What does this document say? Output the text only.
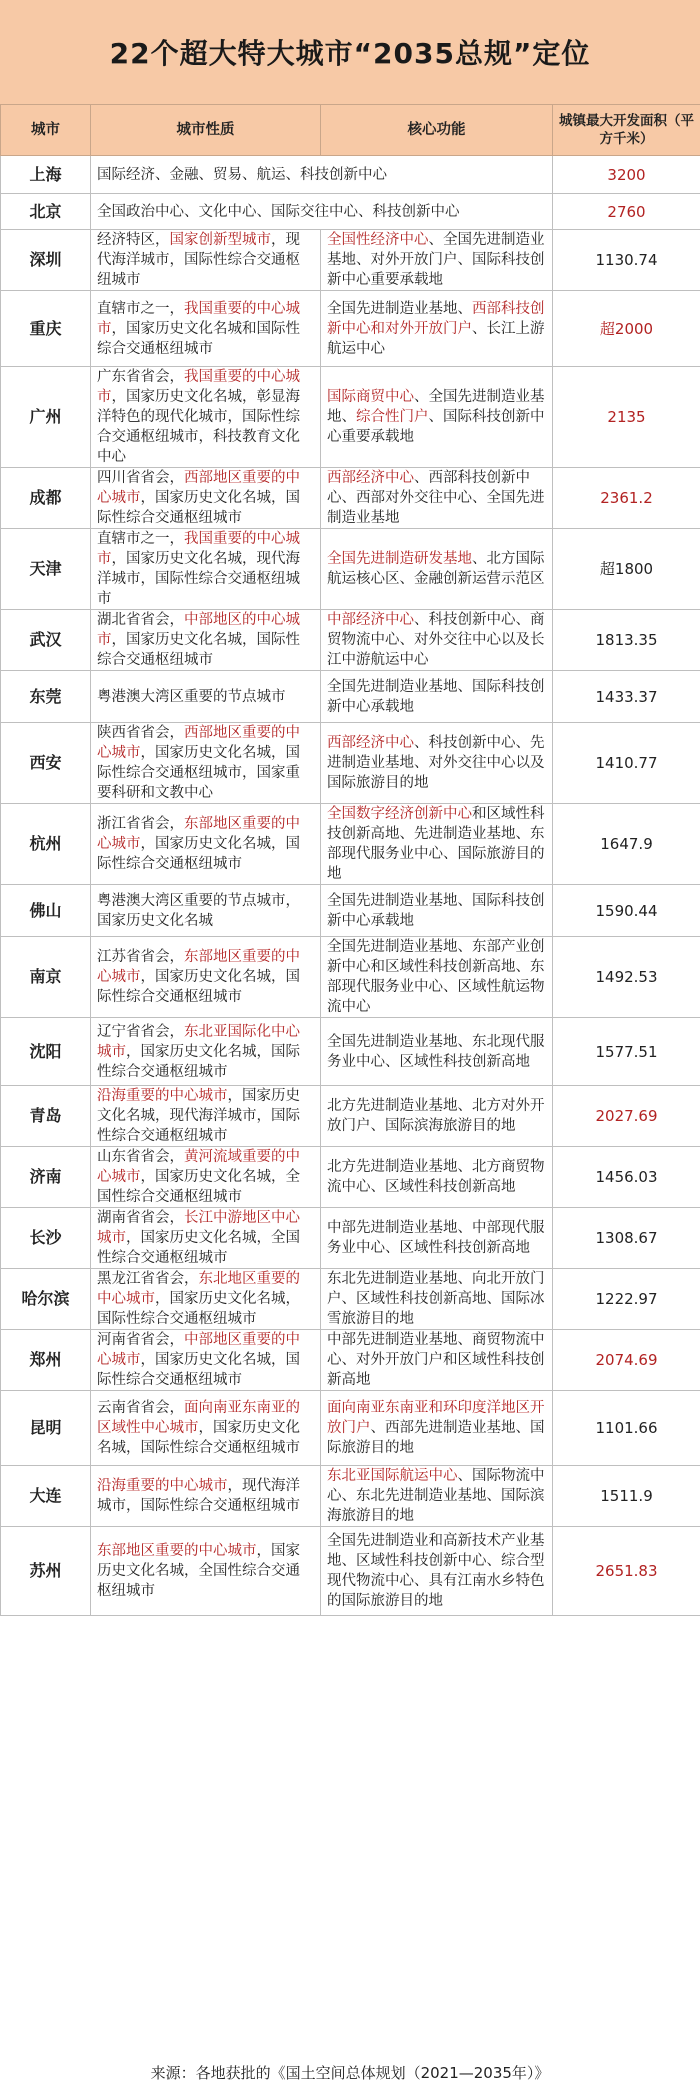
22个超大特大城市“2035总规”定位
城市	城市性质	核心功能	城镇最大开发面积（平方千米）
上海	国际经济、金融、贸易、航运、科技创新中心		3200
北京	全国政治中心、文化中心、国际交往中心、科技创新中心		2760
深圳	经济特区，国家创新型城市，现代海洋城市，国际性综合交通枢纽城市	全国性经济中心、全国先进制造业基地、对外开放门户、国际科技创新中心重要承载地	1130.74
重庆	直辖市之一，我国重要的中心城市，国家历史文化名城和国际性综合交通枢纽城市	全国先进制造业基地、西部科技创新中心和对外开放门户、长江上游航运中心	超2000
广州	广东省省会，我国重要的中心城市，国家历史文化名城，彰显海洋特色的现代化城市，国际性综合交通枢纽城市，科技教育文化中心	国际商贸中心、全国先进制造业基地、综合性门户、国际科技创新中心重要承载地	2135
成都	四川省省会，西部地区重要的中心城市，国家历史文化名城，国际性综合交通枢纽城市	西部经济中心、西部科技创新中心、西部对外交往中心、全国先进制造业基地	2361.2
天津	直辖市之一，我国重要的中心城市，国家历史文化名城，现代海洋城市，国际性综合交通枢纽城市	全国先进制造研发基地、北方国际航运核心区、金融创新运营示范区	超1800
武汉	湖北省省会，中部地区的中心城市，国家历史文化名城，国际性综合交通枢纽城市	中部经济中心、科技创新中心、商贸物流中心、对外交往中心以及长江中游航运中心	1813.35
东莞	粤港澳大湾区重要的节点城市	全国先进制造业基地、国际科技创新中心承载地	1433.37
西安	陕西省省会，西部地区重要的中心城市，国家历史文化名城，国际性综合交通枢纽城市，国家重要科研和文教中心	西部经济中心、科技创新中心、先进制造业基地、对外交往中心以及国际旅游目的地	1410.77
杭州	浙江省省会，东部地区重要的中心城市，国家历史文化名城，国际性综合交通枢纽城市	全国数字经济创新中心和区域性科技创新高地、先进制造业基地、东部现代服务业中心、国际旅游目的地	1647.9
佛山	粤港澳大湾区重要的节点城市，国家历史文化名城	全国先进制造业基地、国际科技创新中心承载地	1590.44
南京	江苏省省会，东部地区重要的中心城市，国家历史文化名城，国际性综合交通枢纽城市	全国先进制造业基地、东部产业创新中心和区域性科技创新高地、东部现代服务业中心、区域性航运物流中心	1492.53
沈阳	辽宁省省会，东北亚国际化中心城市，国家历史文化名城，国际性综合交通枢纽城市	全国先进制造业基地、东北现代服务业中心、区域性科技创新高地	1577.51
青岛	沿海重要的中心城市，国家历史文化名城，现代海洋城市，国际性综合交通枢纽城市	北方先进制造业基地、北方对外开放门户、国际滨海旅游目的地	2027.69
济南	山东省省会，黄河流域重要的中心城市，国家历史文化名城，全国性综合交通枢纽城市	北方先进制造业基地、北方商贸物流中心、区域性科技创新高地	1456.03
长沙	湖南省省会，长江中游地区中心城市，国家历史文化名城，全国性综合交通枢纽城市	中部先进制造业基地、中部现代服务业中心、区域性科技创新高地	1308.67
哈尔滨	黑龙江省省会，东北地区重要的中心城市，国家历史文化名城，国际性综合交通枢纽城市	东北先进制造业基地、向北开放门户、区域性科技创新高地、国际冰雪旅游目的地	1222.97
郑州	河南省省会，中部地区重要的中心城市，国家历史文化名城，国际性综合交通枢纽城市	中部先进制造业基地、商贸物流中心、对外开放门户和区域性科技创新高地	2074.69
昆明	云南省省会，面向南亚东南亚的区域性中心城市，国家历史文化名城，国际性综合交通枢纽城市	面向南亚东南亚和环印度洋地区开放门户、西部先进制造业基地、国际旅游目的地	1101.66
大连	沿海重要的中心城市，现代海洋城市，国际性综合交通枢纽城市	东北亚国际航运中心、国际物流中心、东北先进制造业基地、国际滨海旅游目的地	1511.9
苏州	东部地区重要的中心城市，国家历史文化名城，全国性综合交通枢纽城市	全国先进制造业和高新技术产业基地、区域性科技创新中心、综合型现代物流中心、具有江南水乡特色的国际旅游目的地	2651.83
来源：各地获批的《国土空间总体规划（2021—2035年）》
